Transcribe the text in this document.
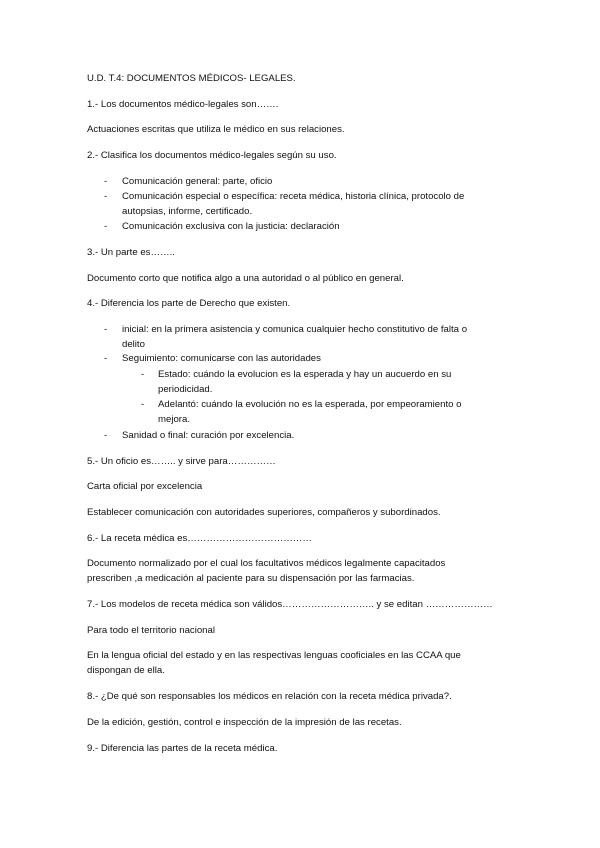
U.D. T.4: DOCUMENTOS MÉDICOS- LEGALES.
1.- Los documentos médico-legales son…….
Actuaciones escritas que utiliza le médico en sus relaciones.
2.- Clasifica los documentos médico-legales según su uso.
- Comunicación general: parte, oficio
- Comunicación especial o específica: receta médica, historia clínica, protocolo de
autopsias, informe, certificado.
- Comunicación exclusiva con la justicia: declaración
3.- Un parte es……..
Documento corto que notifica algo a una autoridad o al público en general.
4.- Diferencia los parte de Derecho que existen.
- inicial: en la primera asistencia y comunica cualquier hecho constitutivo de falta o
delito
- Seguimiento: comunicarse con las autoridades
- Estado: cuándo la evolucion es la esperada y hay un aucuerdo en su
periodicidad.
- Adelantó: cuándo la evolución no es la esperada, por empeoramiento o
mejora.
- Sanidad o final: curación por excelencia.
5.- Un oficio es…….. y sirve para……………
Carta oficial por excelencia
Establecer comunicación con autoridades superiores, compañeros y subordinados.
6.- La receta médica es…………………………………
Documento normalizado por el cual los facultativos médicos legalmente capacitados
prescriben ,a medicación al paciente para su dispensación por las farmacias.
7.- Los modelos de receta médica son válidos……………………….. y se editan …………………
Para todo el territorio nacional
En la lengua oficial del estado y en las respectivas lenguas cooficiales en las CCAA que
dispongan de ella.
8.- ¿De qué son responsables los médicos en relación con la receta médica privada?.
De la edición, gestión, control e inspección de la impresión de las recetas.
9.- Diferencia las partes de la receta médica.
